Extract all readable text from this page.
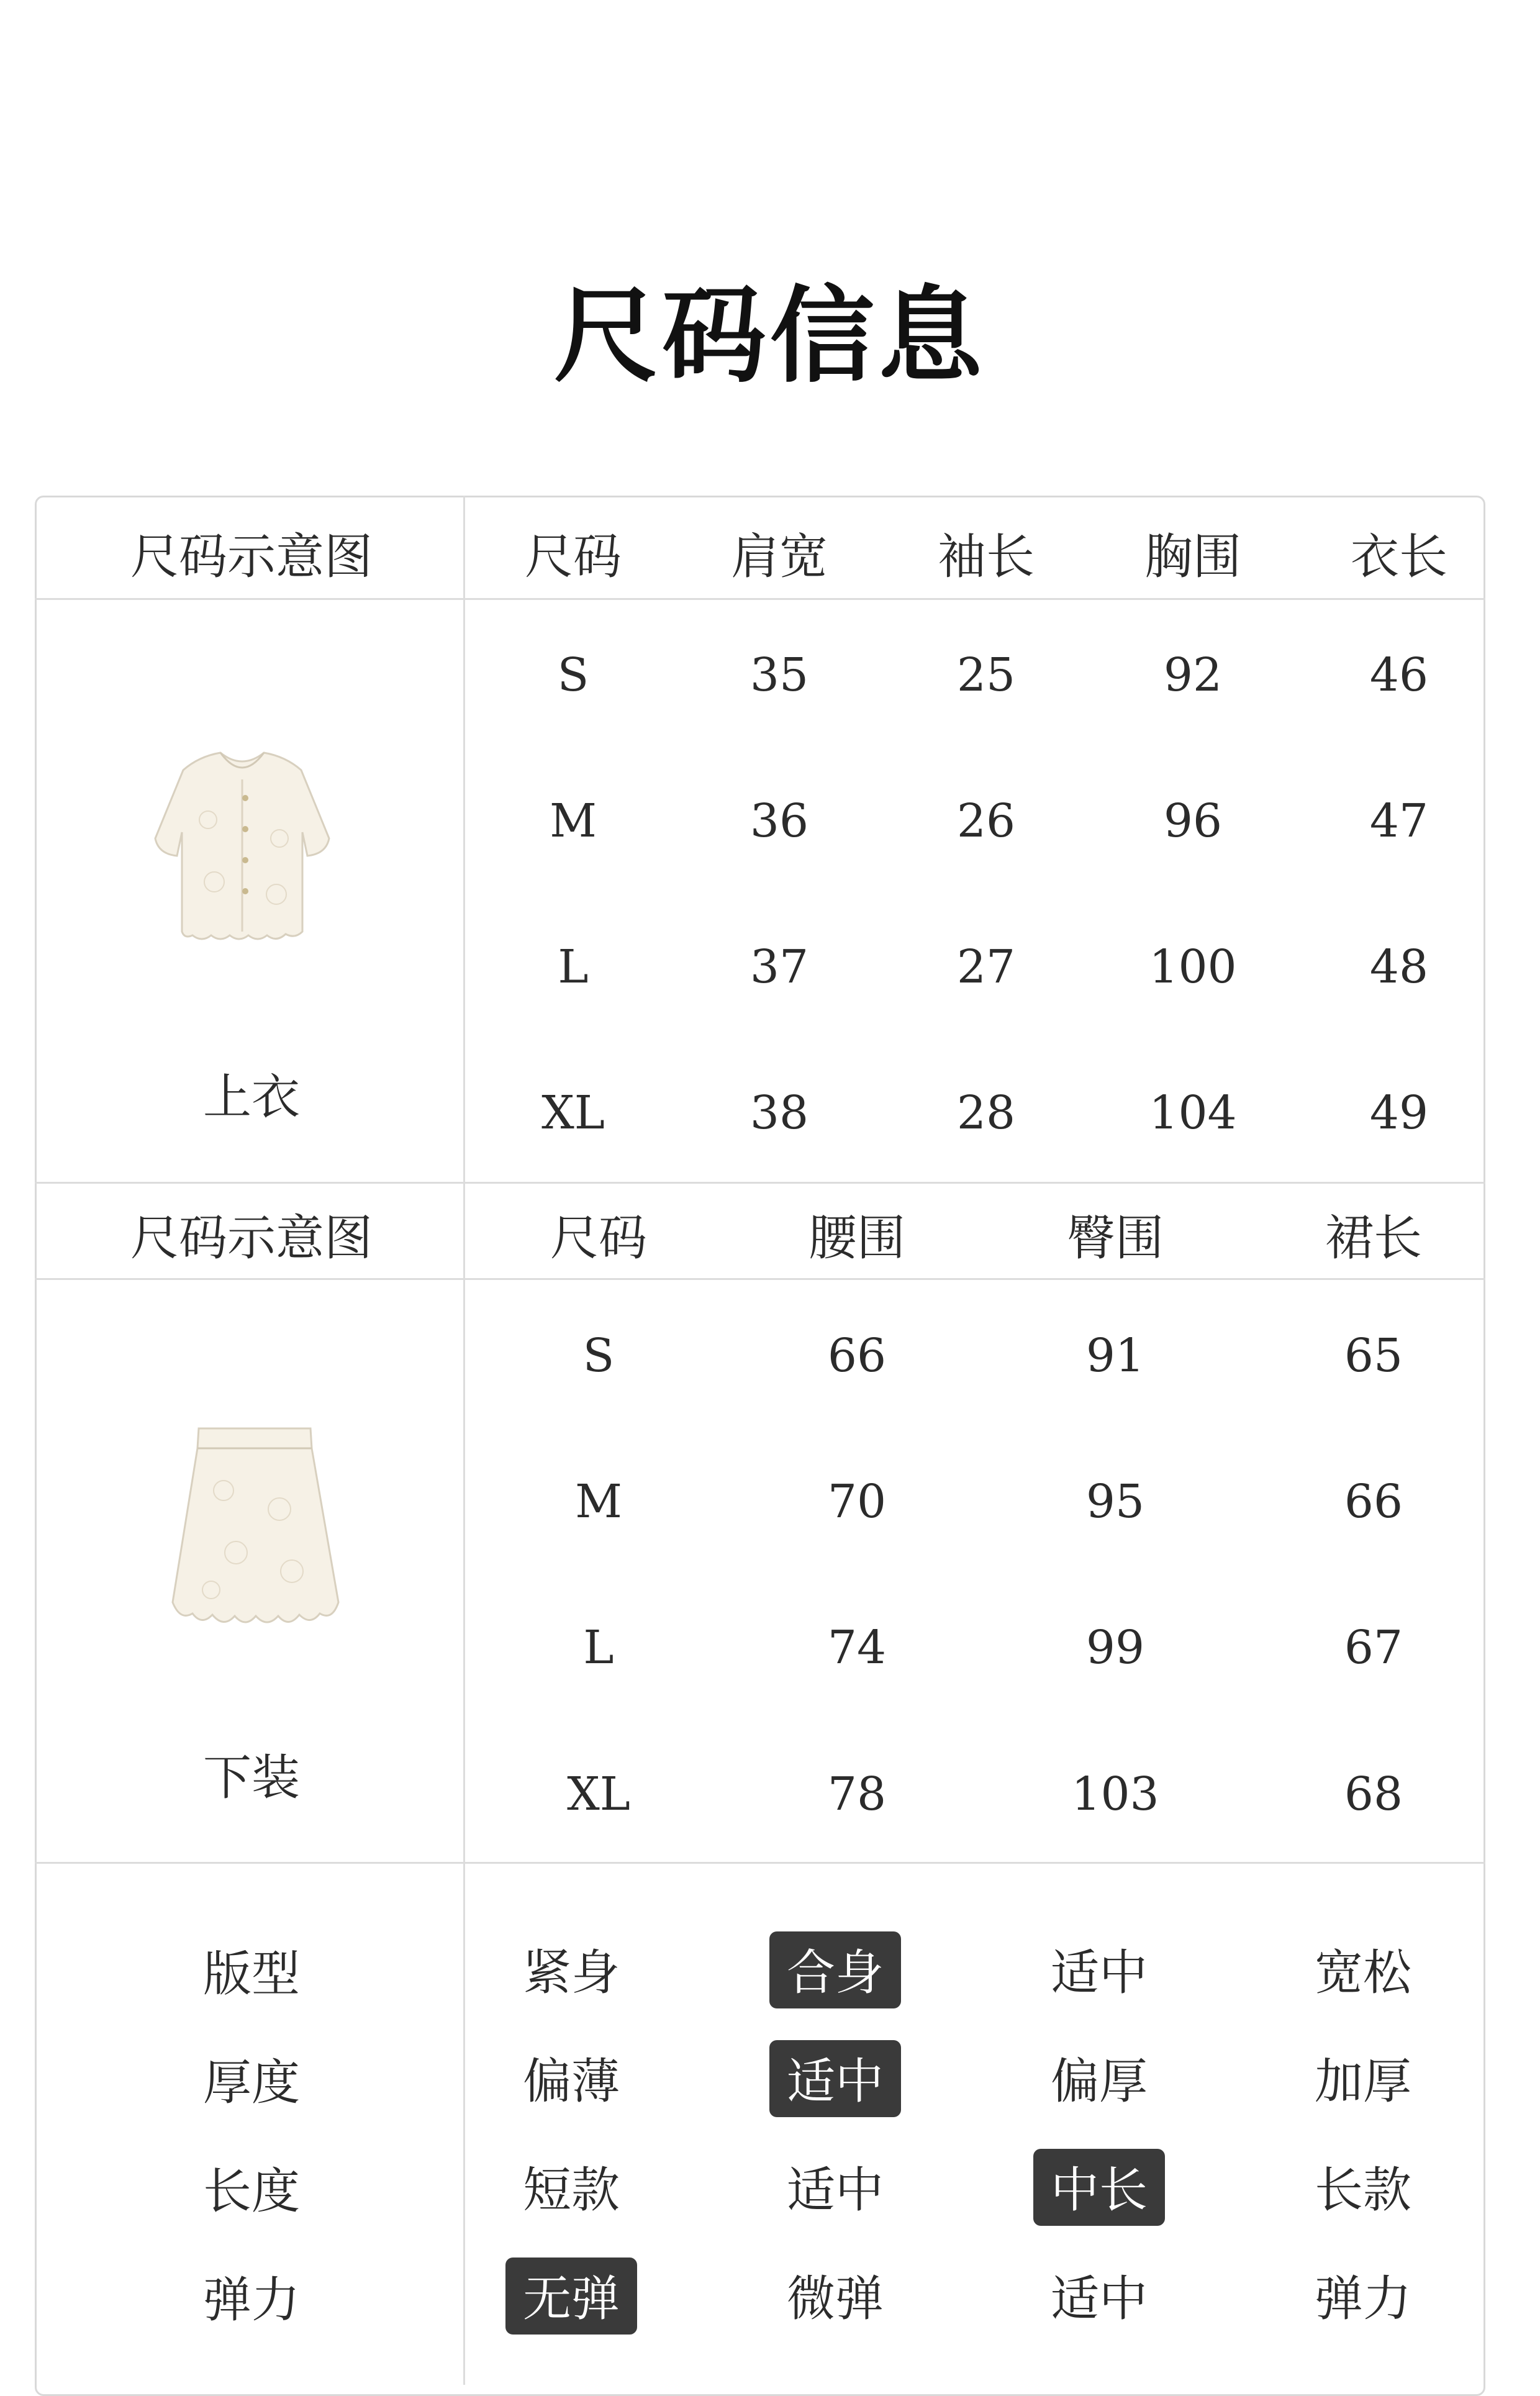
尺码信息
尺码示意图	尺码 肩宽 袖长 胸围 衣长
S	35	25	92	46
M	36	26	96	47
L	37	27	100	48
XL	38	28	104	49
上衣
尺码示意图	尺码	腰围	臀围	裙长
S	66	91	65
M	70	95	66
L	74	99	67
XL	78	103	68
下装
版型	紧身	合身	适中	宽松
厚度	偏薄	适中	偏厚	加厚
长度	短款	适中	中长	长款
弹力	无弹	微弹	适中	弹力
